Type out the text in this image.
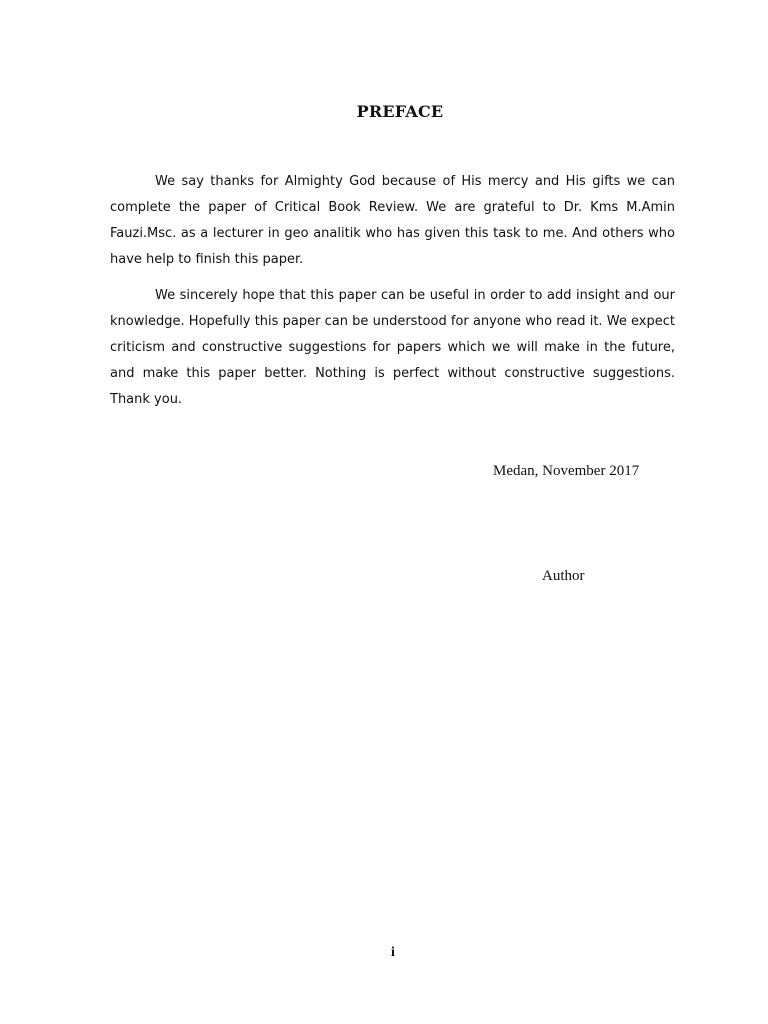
PREFACE

We say thanks for Almighty God because of His mercy and His gifts we can complete the paper of Critical Book Review. We are grateful to Dr. Kms M.Amin Fauzi.Msc. as a lecturer in geo analitik who has given this task to me. And others who have help to finish this paper.

We sincerely hope that this paper can be useful in order to add insight and our knowledge. Hopefully this paper can be understood for anyone who read it. We expect criticism and constructive suggestions for papers which we will make in the future, and make this paper better. Nothing is perfect without constructive suggestions. Thank you.

Medan, November 2017

Author

i
